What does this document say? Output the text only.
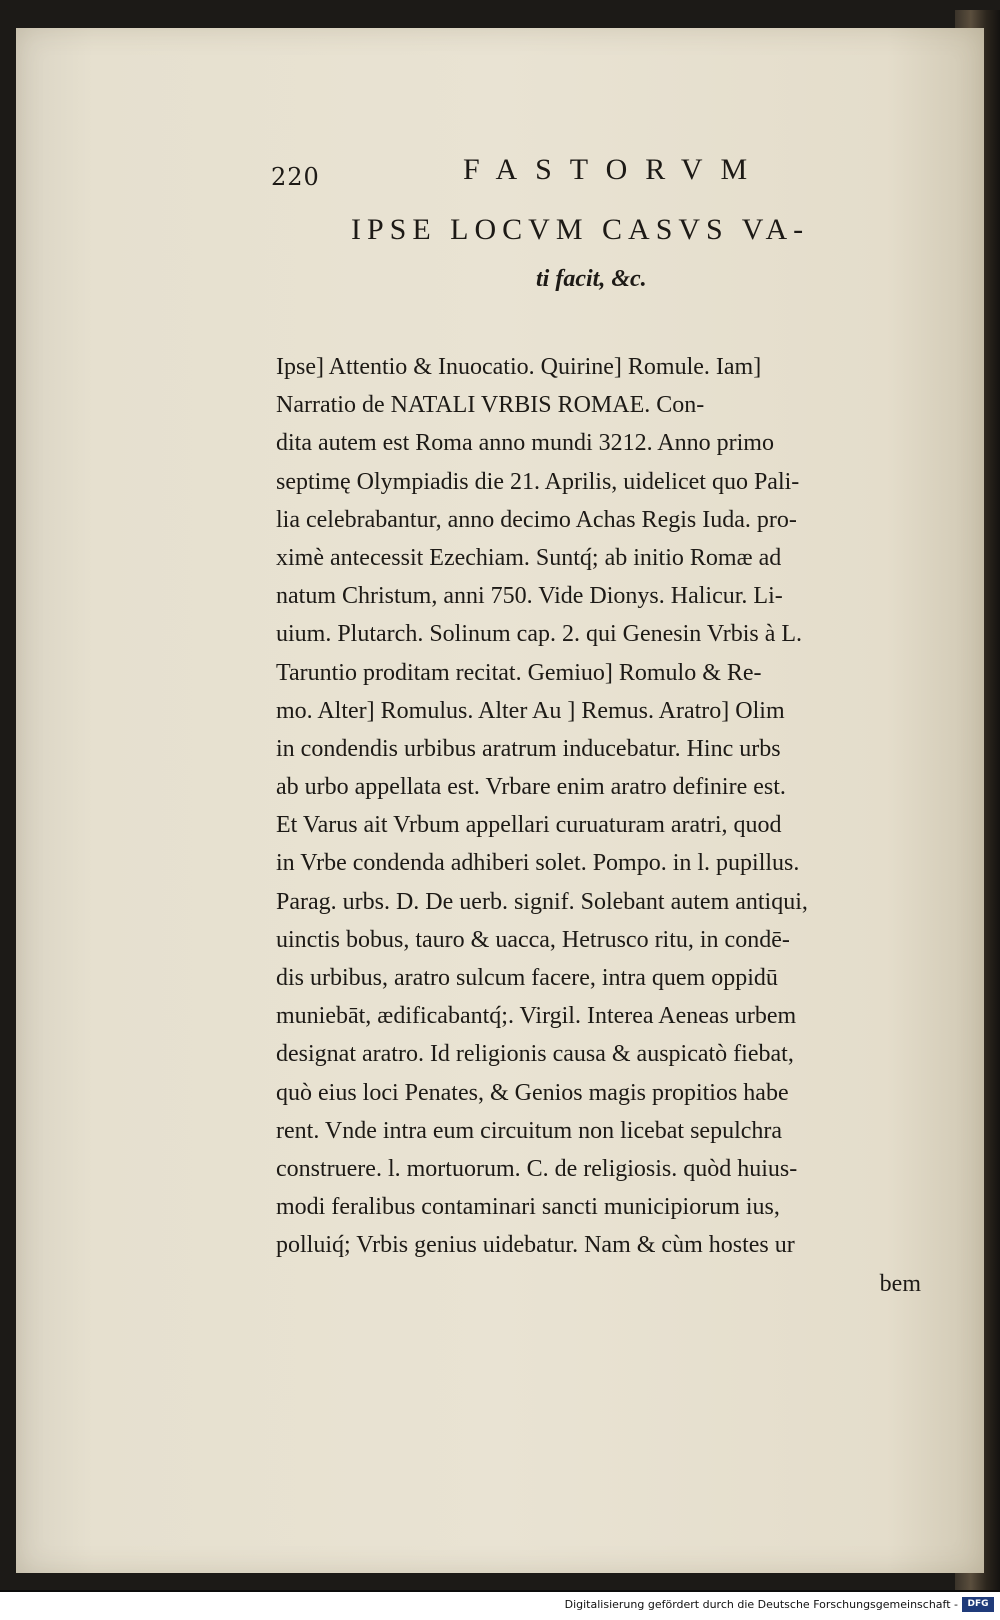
220	FASTORVM
IPSE LOCVM CASVS VA-
ti facit, &c.
Ipse] Attentio & Inuocatio. Quirine] Romule. Iam]
Narratio de NATALI VRBIS ROMAE. Con-
dita autem est Roma anno mundi 3212. Anno primo
septimę Olympiadis die 21. Aprilis, uidelicet quo Pali-
lia celebrabantur, anno decimo Achas Regis Iuda. pro-
ximè antecessit Ezechiam. Suntq́; ab initio Romæ ad
natum Christum, anni 750. Vide Dionys. Halicur. Li-
uium. Plutarch. Solinum cap. 2. qui Genesin Vrbis à L.
Taruntio proditam recitat. Gemiuo] Romulo & Re-
mo. Alter] Romulus. Alter Au ] Remus. Aratro] Olim
in condendis urbibus aratrum inducebatur. Hinc urbs
ab urbo appellata est. Vrbare enim aratro definire est.
Et Varus ait Vrbum appellari curuaturam aratri, quod
in Vrbe condenda adhiberi solet. Pompo. in l. pupillus.
Parag. urbs. D. De uerb. signif. Solebant autem antiqui,
uinctis bobus, tauro & uacca, Hetrusco ritu, in condē-
dis urbibus, aratro sulcum facere, intra quem oppidū
muniebāt, ædificabantq́;. Virgil. Interea Aeneas urbem
designat aratro. Id religionis causa & auspicatò fiebat,
quò eius loci Penates, & Genios magis propitios habe
rent. Vnde intra eum circuitum non licebat sepulchra
construere. l. mortuorum. C. de religiosis. quòd huius-
modi feralibus contaminari sancti municipiorum ius,
polluiq́; Vrbis genius uidebatur. Nam & cùm hostes ur
bem
Digitalisierung gefördert durch die Deutsche Forschungsgemeinschaft -	DFG
